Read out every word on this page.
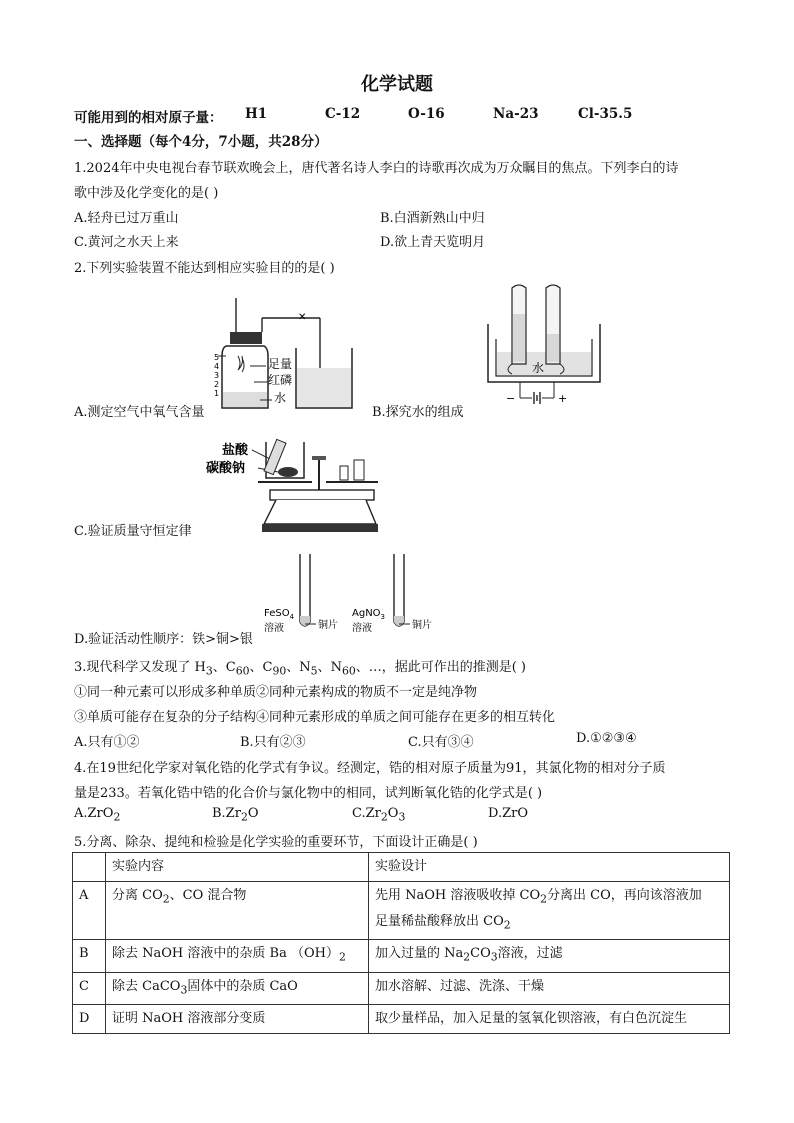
化学试题
可能用到的相对原子量： H1	C-12	O-16	Na-23	Cl-35.5
一、选择题（每个4分，7小题，共28分）
1.2024年中央电视台春节联欢晚会上，唐代著名诗人李白的诗歌再次成为万众瞩目的焦点。下列李白的诗
歌中涉及化学变化的是( )
A.轻舟已过万重山	B.白酒新熟山中归
C.黄河之水天上来	D.欲上青天览明月
2.下列实验装置不能达到相应实验目的的是( )
✕
5
4
3
2
1
足量
红磷
水
A.测定空气中氧气含量
水
−	+
B.探究水的组成
盐酸
碳酸钠
C.验证质量守恒定律
FeSO$_4$
溶液
AgNO$_3$
溶液
铜片	铜片
D.验证活动性顺序：铁>铜>银
3.现代科学又发现了 $H_3$、$C_{60}$、$C_{90}$、$N_5$、$N_{60}$、…，据此可作出的推测是( )
①同一种元素可以形成多种单质②同种元素构成的物质不一定是纯净物
③单质可能存在复杂的分子结构④同种元素形成的单质之间可能存在更多的相互转化
A.只有①②	B.只有②③	C.只有③④	D.①②③④
4.在19世纪化学家对氧化锆的化学式有争议。经测定，锆的相对原子质量为91，其氯化物的相对分子质
量是233。若氧化锆中锆的化合价与氯化物中的相同，试判断氧化锆的化学式是( )
A.ZrO$_2$	$B.Zr_2O$	$C.Zr_2O_3$	D.ZrO
5.分离、除杂、提纯和检验是化学实验的重要环节，下面设计正确是( )
	实验内容	实验设计
A	分离 $CO_2$、CO 混合物	先用 NaOH 溶液吸收掉 $CO_2$分离出 CO，再向该溶液加
足量稀盐酸释放出 $CO_2$
B	除去 NaOH 溶液中的杂质 Ba $(OH)_2$	加入过量的 $Na_2CO_3$溶液，过滤
C	除去 CaCO$_3$固体中的杂质 CaO	加水溶解、过滤、洗涤、干燥
D	证明 NaOH 溶液部分变质	取少量样品，加入足量的氢氧化钡溶液，有白色沉淀生
